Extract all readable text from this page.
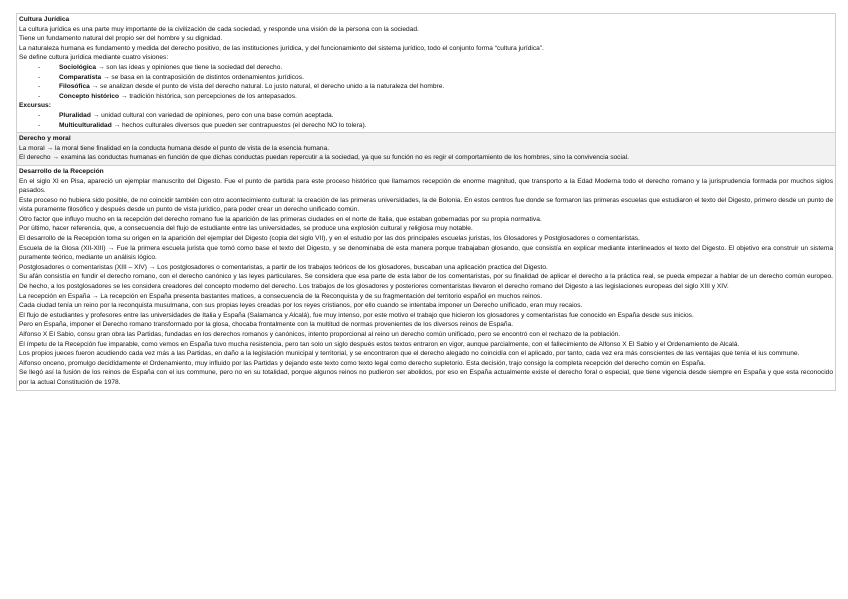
Cultura Jurídica

La cultura jurídica es una parte muy importante de la civilización de cada sociedad, y responde una visión de la persona con la sociedad.

Tiene un fundamento natural del propio ser del hombre y su dignidad.

La naturaleza humana es fundamento y medida del derecho positivo, de las instituciones jurídica, y del funcionamiento del sistema jurídico, todo el conjunto forma “cultura jurídica”.

Se define cultura jurídica mediante cuatro visiones:

- Sociológica → son las ideas y opiniones que tiene la sociedad del derecho.
- Comparatista → se basa en la contraposición de distintos ordenamientos jurídicos.
- Filosófica → se analizan desde el punto de vista del derecho natural. Lo justo natural, el derecho unido a la naturaleza del hombre.
- Concepto histórico → tradición histórica, son percepciones de los antepasados.

Excursus:

- Pluralidad → unidad cultural con variedad de opiniones, pero con una base común aceptada.
- Multiculturalidad → hechos culturales diversos que pueden ser contrapuestos (el derecho NO lo tolera).
Derecho y moral

La moral → la moral tiene finalidad en la conducta humana desde el punto de vista de la esencia humana.

El derecho → examina las conductas humanas en función de que dichas conductas puedan repercutir a la sociedad, ya que su función no es regir el comportamiento de los hombres, sino la convivencia social.

Desarrollo de la Recepción

En el siglo XI en Pisa, apareció un ejemplar manuscrito del Digesto. Fue el punto de partida para este proceso histórico que llamamos recepción de enorme magnitud, que transporto a la Edad Moderna todo el derecho romano y la jurisprudencia formada por muchos siglos pasados.

Este proceso no hubiera sido posible, de no coincidir también con otro acontecimiento cultural: la creación de las primeras universidades, la de Bolonia. En estos centros fue donde se formaron las primeras escuelas que estudiaron el texto del Digesto, primero desde un punto de vista puramente filosófico y después desde un punto de vista jurídico, para poder crear un derecho unificado común.

Otro factor que influyo mucho en la recepción del derecho romano fue la aparición de las primeras ciudades en el norte de Italia, que estaban gobernadas por su propia normativa.

Por último, hacer referencia, que, a consecuencia del flujo de estudiante entre las universidades, se produce una explosión cultural y religiosa muy notable.

El desarrollo de la Recepción toma su origen en la aparición del ejemplar del Digesto (copia del siglo VII), y en el estudio por las dos principales escuelas juristas, los Glosadores y Postglosadores o comentaristas.

Escuela de la Glosa (XII-XIII) → Fue la primera escuela jurista que tomó como base el texto del Digesto, y se denominaba de esta manera porque trabajaban glosando, que consistía en explicar mediante interlineados el texto del Digesto. El objetivo era construir un sistema puramente teórico, mediante un análisis lógico.

Postglosadores o comentaristas (XIII – XIV) → Los postglosadores o comentaristas, a partir de los trabajos teóricos de los glosadores, buscaban una aplicación practica del Digesto.

Su afán consistía en fundir el derecho romano, con el derecho canónico y las leyes particulares. Se considera que esa parte de esta labor de los comentaristas, por su finalidad de aplicar el derecho a la práctica real, se pueda empezar a hablar de un derecho común europeo. De hecho, a los postglosadores se les considera creadores del concepto moderno del derecho. Los trabajos de los glosadores y posteriores comentaristas llevaron el derecho romano del Digesto a las legislaciones europeas del siglo XIII y XIV.

La recepción en España → La recepción en España presenta bastantes matices, a consecuencia de la Reconquista y de su fragmentación del territorio español en muchos reinos.

Cada ciudad tenía un reino por la reconquista musulmana, con sus propias leyes creadas por los reyes cristianos, por ello cuando se intentaba imponer un Derecho unificado, eran muy recaios.

El flujo de estudiantes y profesores entre las universidades de Italia y España (Salamanca y Alcalá), fue muy intenso, por este motivo el trabajo que hicieron los glosadores y comentaristas fue conocido en España desde sus inicios.

Pero en España, imponer el Derecho romano transformado por la glosa, chocaba frontalmente con la multitud de normas provenientes de los diversos reinos de España.

Alfonso X El Sabio, consu gran obra las Partidas, fundadas en los derechos romanos y canónicos, intento proporcional al reino un derecho común unificado, pero se encontró con el rechazo de la población.

El ímpetu de la Recepción fue imparable, como vemos en España tuvo mucha resistencia, pero tan solo un siglo después estos textos entraron en vigor, aunque parcialmente, con el fallecimiento de Alfonso X El Sabio y el Ordenamiento de Alcalá.

Los propios jueces fueron acudiendo cada vez más a las Partidas, en daño a la legislación municipal y territorial, y se encontraron que el derecho alegado no coincidía con el aplicado, por tanto, cada vez era más conscientes de las ventajas que tenía el ius commune.

Alfonso onceno, promulgo decidídamente el Ordenamiento, muy influido por las Partidas y dejando este texto como texto legal como derecho supletorio. Esta decisión, trajo consigo la completa recepción del derecho común en España.

Se llegó así la fusión de los reinos de España con el ius commune, pero no en su totalidad, porque algunos reinos no pudieron ser abolidos, por eso en España actualmente existe el derecho foral o especial, que tiene vigencia desde siempre en España y que esta reconocido por la actual Constitución de 1978.
